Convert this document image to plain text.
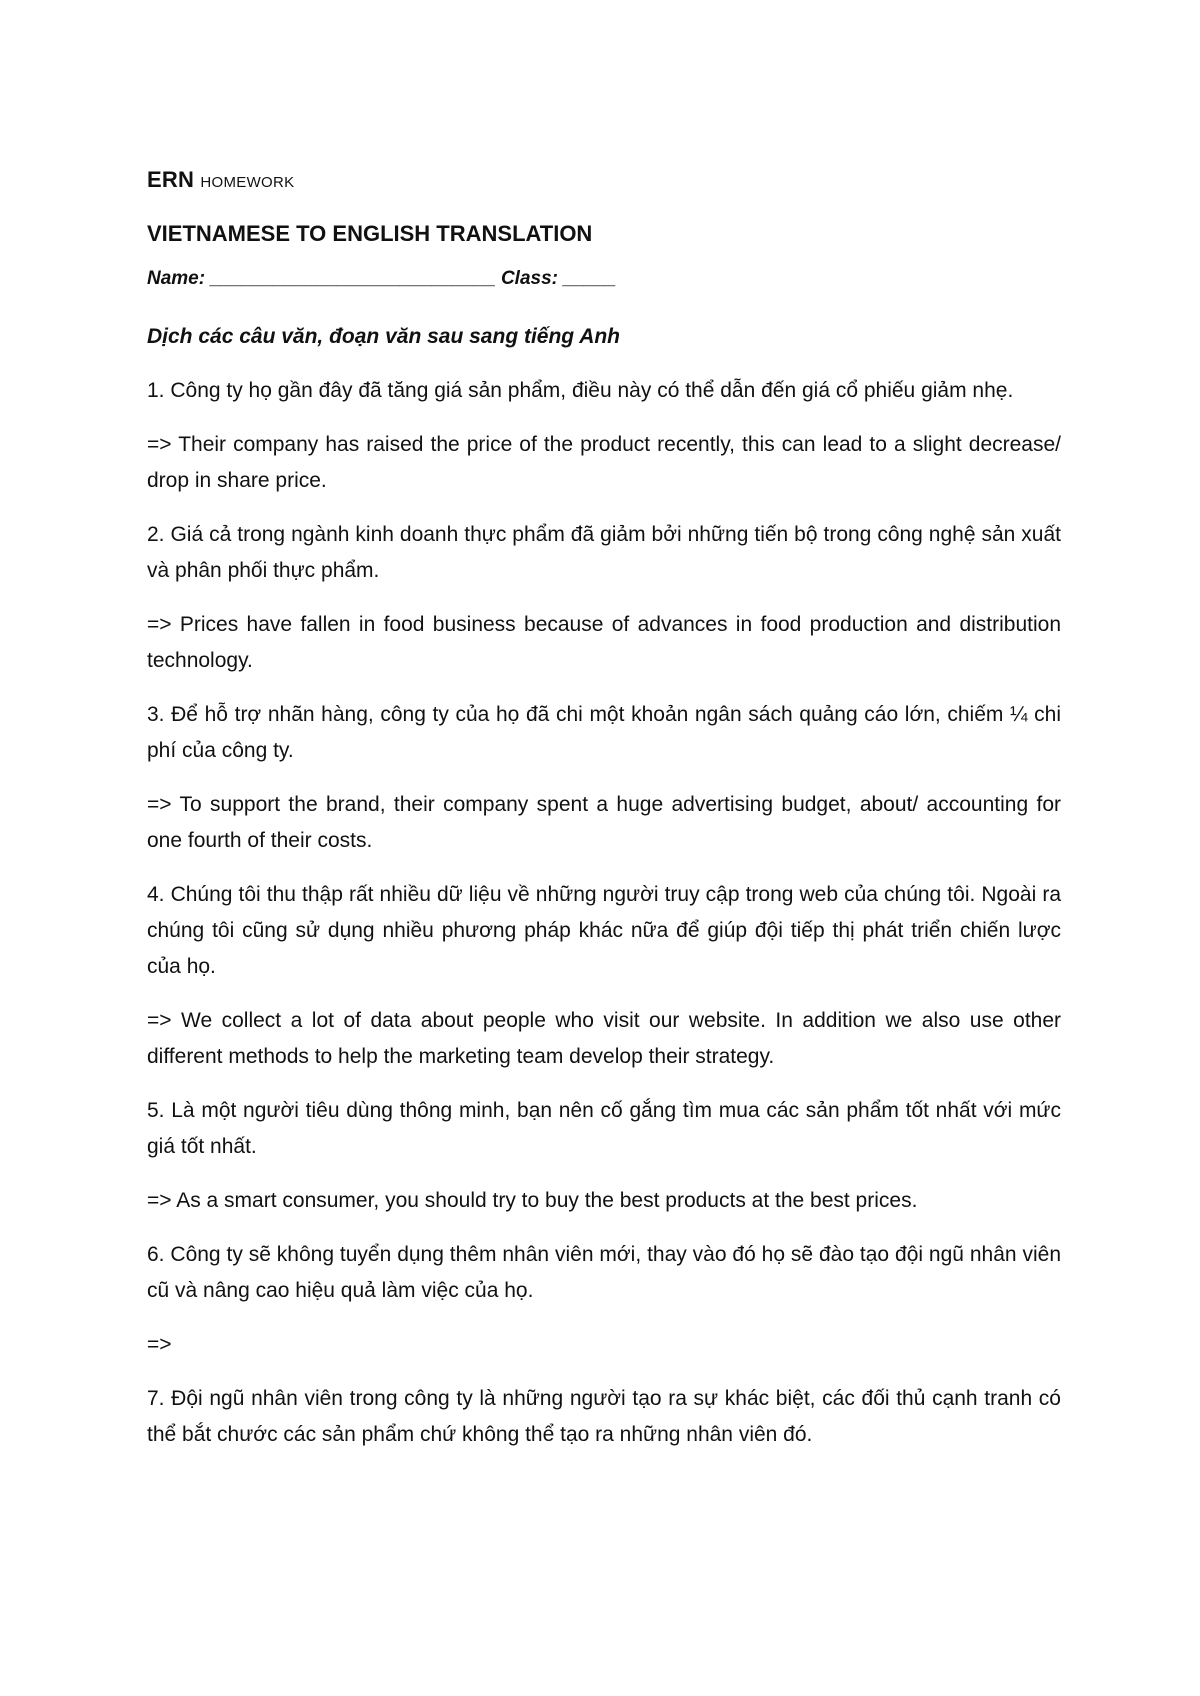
ERN HOMEWORK

VIETNAMESE TO ENGLISH TRANSLATION

Name: ___________________________ Class: _____

Dịch các câu văn, đoạn văn sau sang tiếng Anh

1. Công ty họ gần đây đã tăng giá sản phẩm, điều này có thể dẫn đến giá cổ phiếu giảm nhẹ.

=> Their company has raised the price of the product recently, this can lead to a slight decrease/ drop in share price.

2. Giá cả trong ngành kinh doanh thực phẩm đã giảm bởi những tiến bộ trong công nghệ sản xuất và phân phối thực phẩm.

=> Prices have fallen in food business because of advances in food production and distribution technology.

3. Để hỗ trợ nhãn hàng, công ty của họ đã chi một khoản ngân sách quảng cáo lớn, chiếm ¼ chi phí của công ty.

=> To support the brand, their company spent a huge advertising budget, about/ accounting for one fourth of their costs.

4. Chúng tôi thu thập rất nhiều dữ liệu về những người truy cập trong web của chúng tôi. Ngoài ra chúng tôi cũng sử dụng nhiều phương pháp khác nữa để giúp đội tiếp thị phát triển chiến lược của họ.

=> We collect a lot of data about people who visit our website. In addition we also use other different methods to help the marketing team develop their strategy.

5. Là một người tiêu dùng thông minh, bạn nên cố gắng tìm mua các sản phẩm tốt nhất với mức giá tốt nhất.

=> As a smart consumer, you should try to buy the best products at the best prices.

6. Công ty sẽ không tuyển dụng thêm nhân viên mới, thay vào đó họ sẽ đào tạo đội ngũ nhân viên cũ và nâng cao hiệu quả làm việc của họ.

=>

7. Đội ngũ nhân viên trong công ty là những người tạo ra sự khác biệt, các đối thủ cạnh tranh có thể bắt chước các sản phẩm chứ không thể tạo ra những nhân viên đó.
